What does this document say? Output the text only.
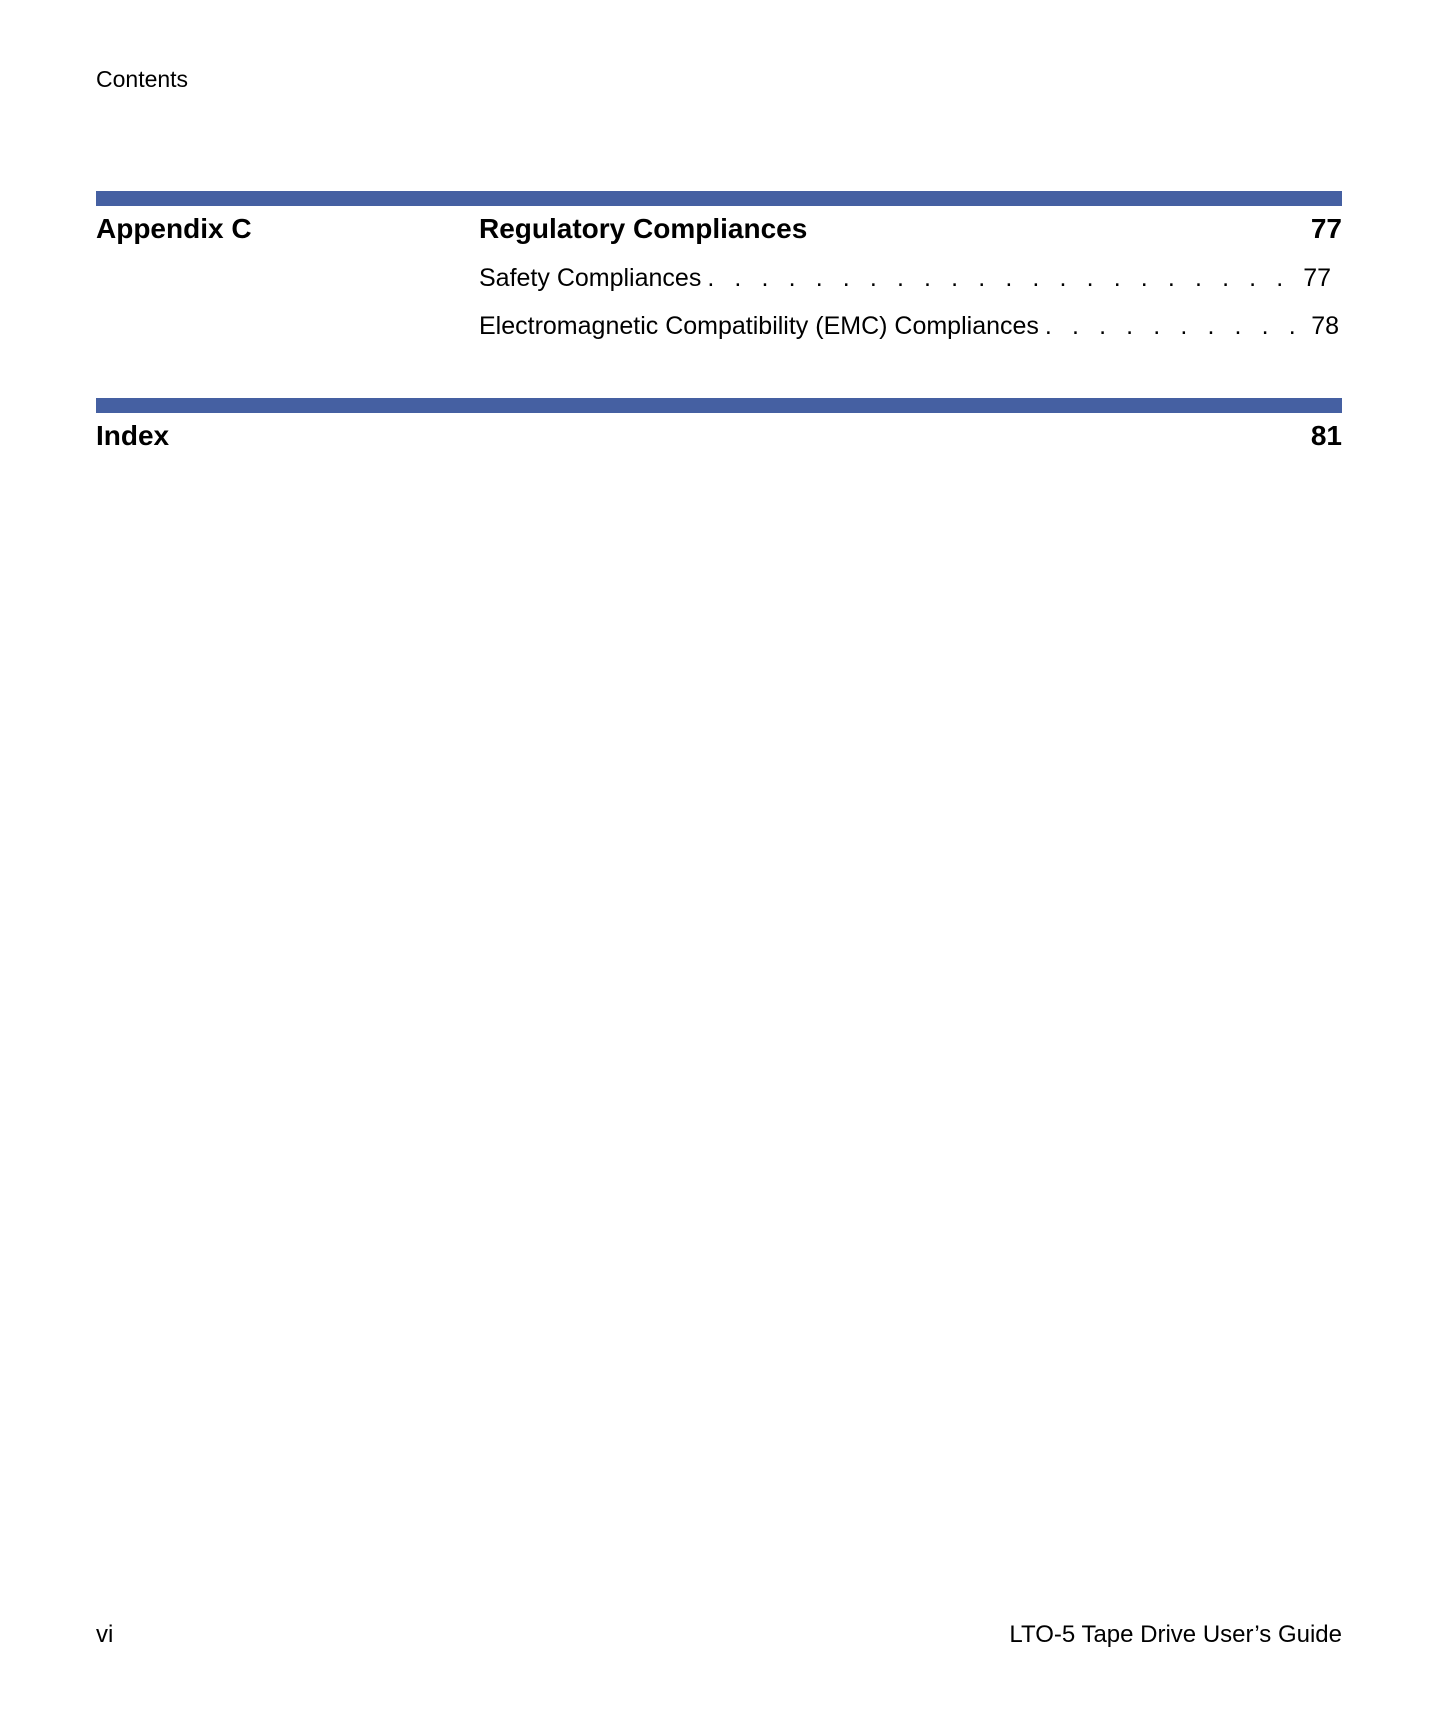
Contents
Appendix C	Regulatory Compliances	77
Safety Compliances . . .	77
Electromagnetic Compatibility (EMC) Compliances . . .	78
Index	81
vi	LTO-5 Tape Drive User’s Guide
